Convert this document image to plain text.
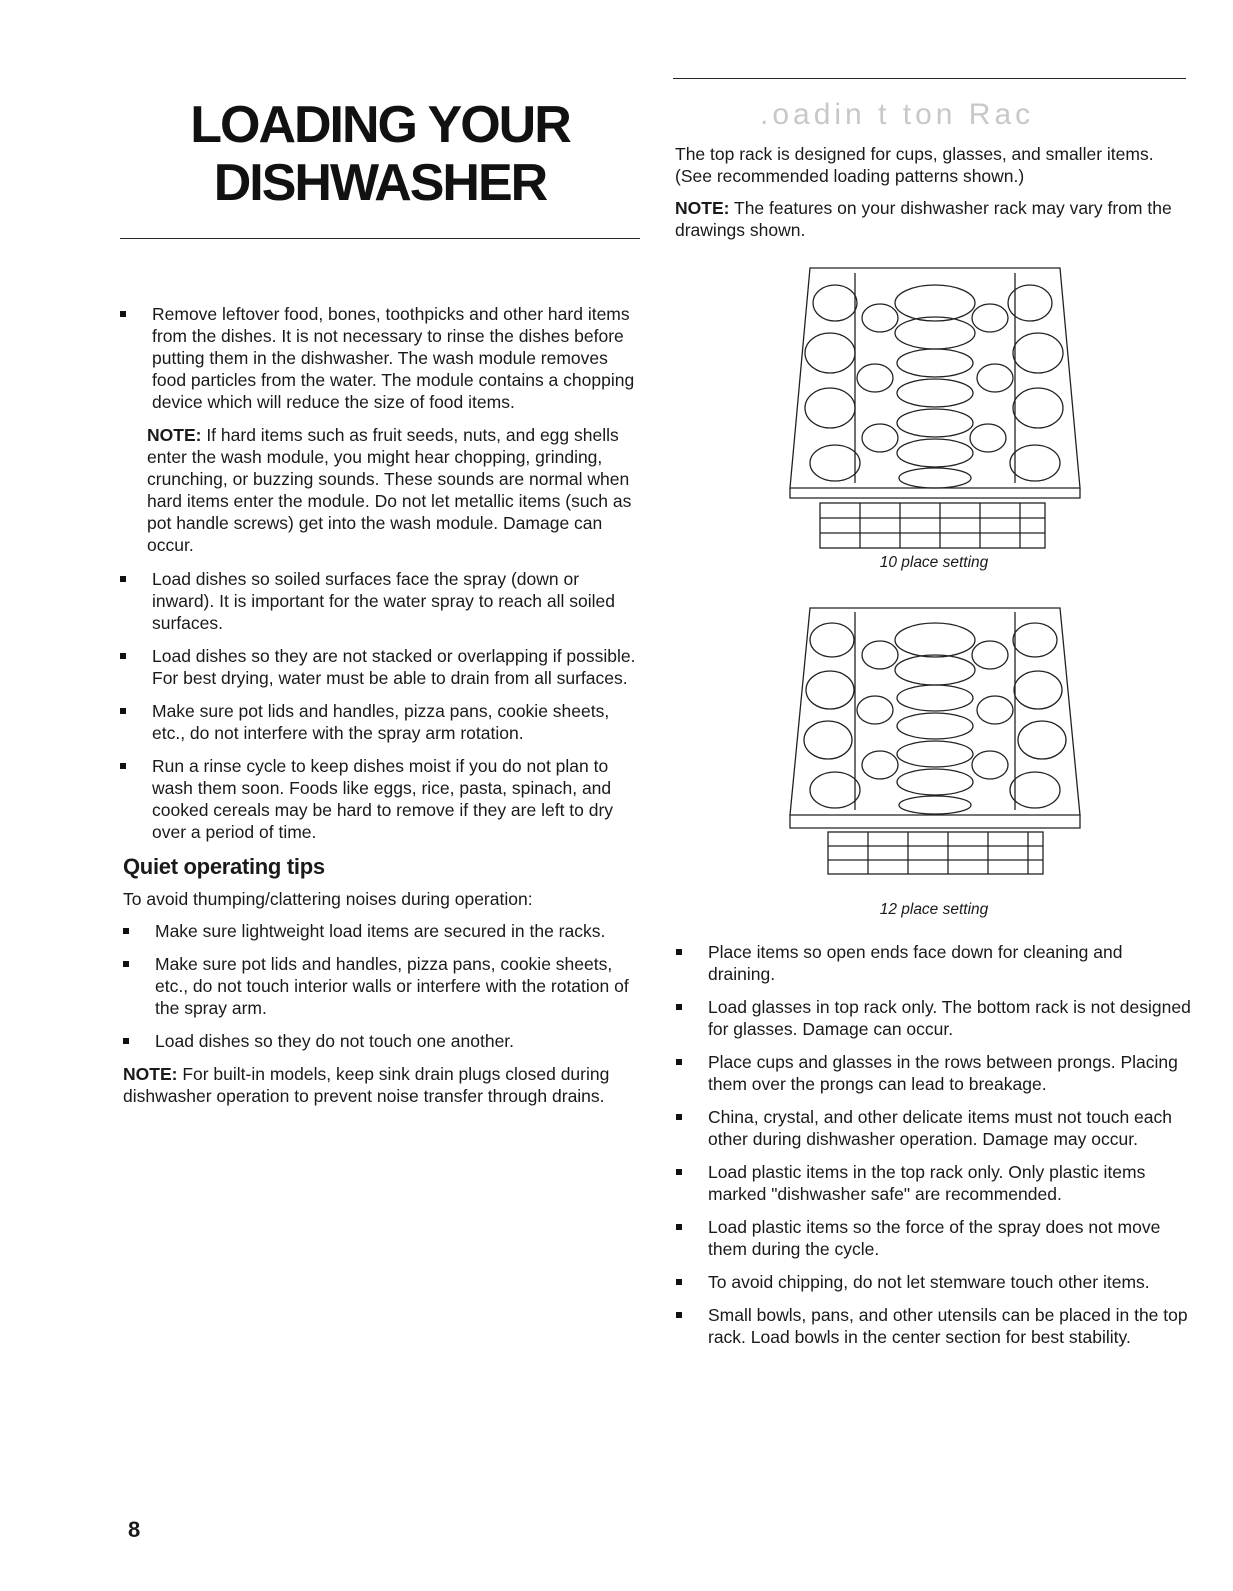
LOADING YOUR
DISHWASHER
.oadin t ton Rac
Remove leftover food, bones, toothpicks and other hard items from the dishes. It is not necessary to rinse the dishes before putting them in the dishwasher. The wash module removes food particles from the water. The module contains a chopping device which will reduce the size of food items.

NOTE: If hard items such as fruit seeds, nuts, and egg shells enter the wash module, you might hear chopping, grinding, crunching, or buzzing sounds. These sounds are normal when hard items enter the module. Do not let metallic items (such as pot handle screws) get into the wash module. Damage can occur.

Load dishes so soiled surfaces face the spray (down or inward). It is important for the water spray to reach all soiled surfaces.
Load dishes so they are not stacked or overlapping if possible. For best drying, water must be able to drain from all surfaces.
Make sure pot lids and handles, pizza pans, cookie sheets, etc., do not interfere with the spray arm rotation.
Run a rinse cycle to keep dishes moist if you do not plan to wash them soon. Foods like eggs, rice, pasta, spinach, and cooked cereals may be hard to remove if they are left to dry over a period of time.
Quiet operating tips

To avoid thumping/clattering noises during operation:

Make sure lightweight load items are secured in the racks.
Make sure pot lids and handles, pizza pans, cookie sheets, etc., do not touch interior walls or interfere with the rotation of the spray arm.
Load dishes so they do not touch one another.

NOTE: For built-in models, keep sink drain plugs closed during dishwasher operation to prevent noise transfer through drains.

The top rack is designed for cups, glasses, and smaller items. (See recommended loading patterns shown.)

NOTE: The features on your dishwasher rack may vary from the drawings shown.

10 place setting
12 place setting
Place items so open ends face down for cleaning and draining.
Load glasses in top rack only. The bottom rack is not designed for glasses. Damage can occur.
Place cups and glasses in the rows between prongs. Placing them over the prongs can lead to breakage.
China, crystal, and other delicate items must not touch each other during dishwasher operation. Damage may occur.
Load plastic items in the top rack only. Only plastic items marked "dishwasher safe" are recommended.
Load plastic items so the force of the spray does not move them during the cycle.
To avoid chipping, do not let stemware touch other items.
Small bowls, pans, and other utensils can be placed in the top rack. Load bowls in the center section for best stability.
8
